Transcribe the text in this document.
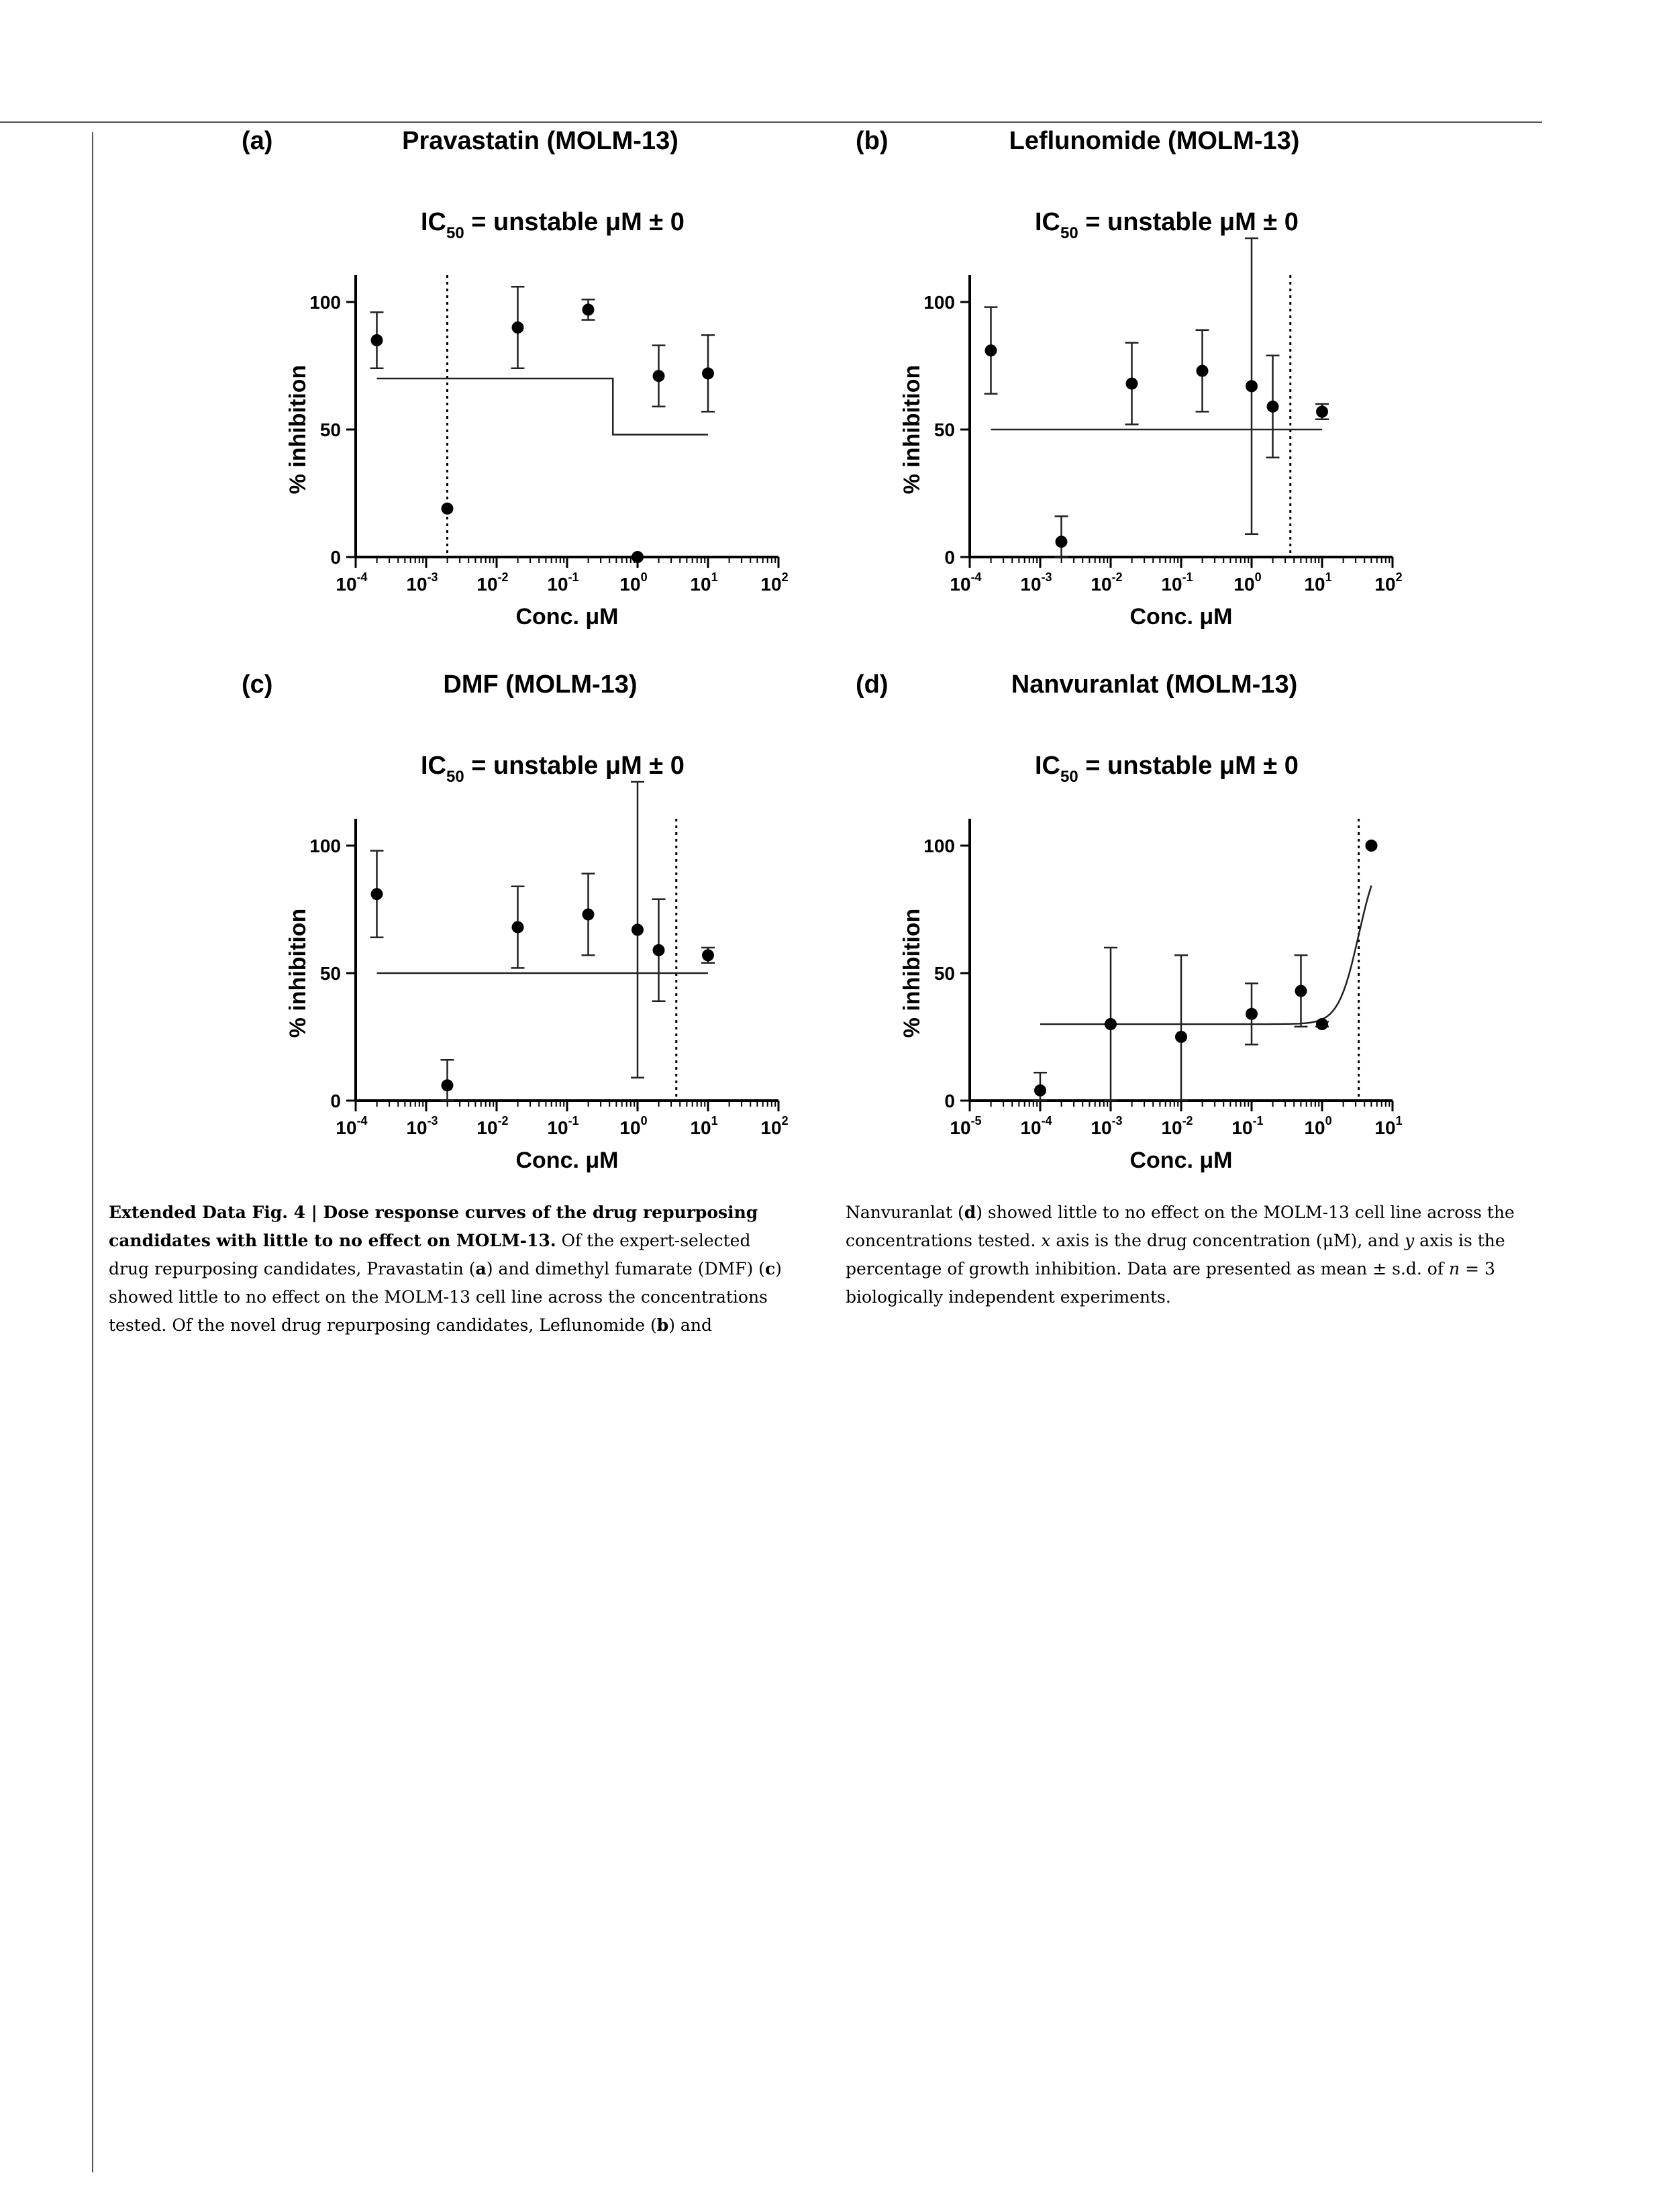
(a)	Pravastatin (MOLM-13)
$IC_{50}$ = unstable μM ± 0
0
50
100
$10^{-4}$ $10^{-3}$ $10^{-2}$ $10^{-1}$ $10^0$ $10^1$ $10^2$
Conc. μM
% inhibition
(b)	Leflunomide (MOLM-13)
$IC_{50}$ = unstable μM ± 0
0
50
100
$10^{-4}$ $10^{-3}$ $10^{-2}$ $10^{-1}$ $10^0$ $10^1$ $10^2$
Conc. μM
% inhibition
(c)	DMF (MOLM-13)
$IC_{50}$ = unstable μM ± 0
0
50
100
$10^{-4}$ $10^{-3}$ $10^{-2}$ $10^{-1}$ $10^0$ $10^1$ $10^2$
Conc. μM
% inhibition
(d)	Nanvuranlat (MOLM-13)
$IC_{50}$ = unstable μM ± 0
0
50
100
$10^{-5}$ $10^{-4}$ $10^{-3}$ $10^{-2}$ $10^{-1}$ $10^0$ $10^1$
Conc. μM
% inhibition
Extended Data Fig. 4 | Dose response curves of the drug repurposing candidates with little to no effect on MOLM-13. Of the expert-selected drug repurposing candidates, Pravastatin (a) and dimethyl fumarate (DMF) (c) showed little to no effect on the MOLM-13 cell line across the concentrations tested. Of the novel drug repurposing candidates, Leflunomide (b) and
Nanvuranlat (d) showed little to no effect on the MOLM-13 cell line across the concentrations tested. x axis is the drug concentration (μM), and y axis is the percentage of growth inhibition. Data are presented as mean ± s.d. of n = 3 biologically independent experiments.
